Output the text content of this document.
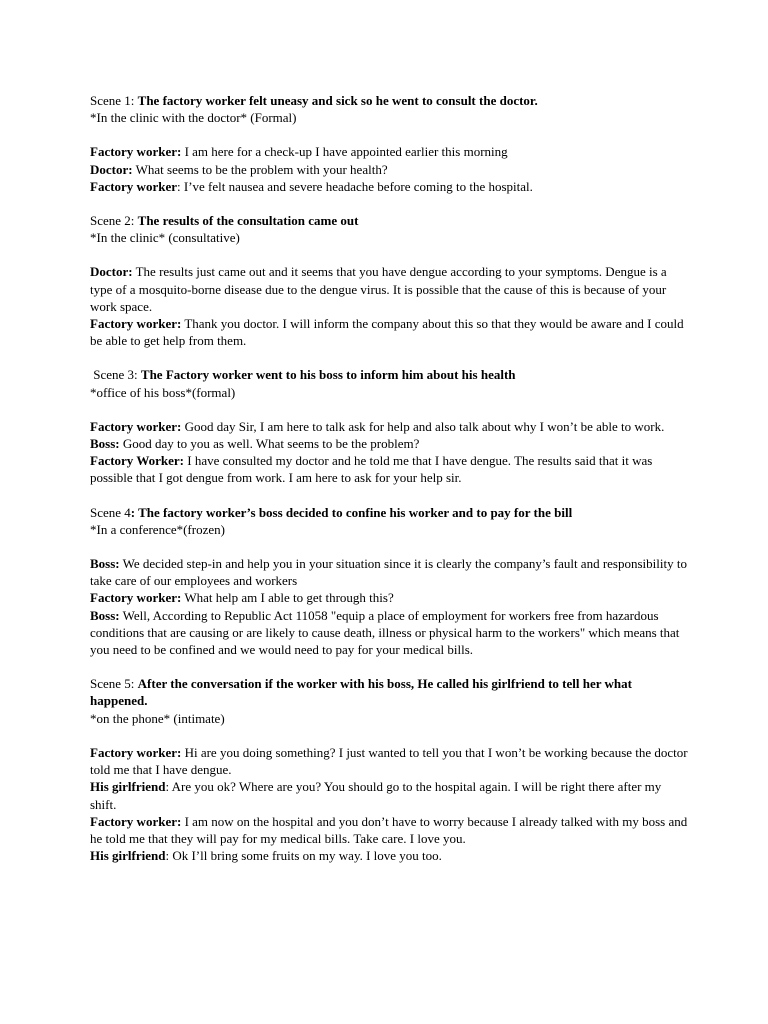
Scene 1: The factory worker felt uneasy and sick so he went to consult the doctor.

*In the clinic with the doctor* (Formal)

Factory worker: I am here for a check-up I have appointed earlier this morning

Doctor: What seems to be the problem with your health?

Factory worker: I’ve felt nausea and severe headache before coming to the hospital.

Scene 2: The results of the consultation came out

*In the clinic* (consultative)

Doctor: The results just came out and it seems that you have dengue according to your symptoms. Dengue is a type of a mosquito-borne disease due to the dengue virus. It is possible that the cause of this is because of your work space.

Factory worker: Thank you doctor. I will inform the company about this so that they would be aware and I could be able to get help from them.

Scene 3: The Factory worker went to his boss to inform him about his health

*office of his boss*(formal)

Factory worker: Good day Sir, I am here to talk ask for help and also talk about why I won’t be able to work.

Boss: Good day to you as well. What seems to be the problem?

Factory Worker: I have consulted my doctor and he told me that I have dengue. The results said that it was possible that I got dengue from work. I am here to ask for your help sir.

Scene 4: The factory worker’s boss decided to confine his worker and to pay for the bill

*In a conference*(frozen)

Boss: We decided step-in and help you in your situation since it is clearly the company’s fault and responsibility to take care of our employees and workers

Factory worker: What help am I able to get through this?

Boss: Well, According to Republic Act 11058 "equip a place of employment for workers free from hazardous conditions that are causing or are likely to cause death, illness or physical harm to the workers" which means that you need to be confined and we would need to pay for your medical bills.

Scene 5: After the conversation if the worker with his boss, He called his girlfriend to tell her what happened.

*on the phone* (intimate)

Factory worker: Hi are you doing something? I just wanted to tell you that I won’t be working because the doctor told me that I have dengue.

His girlfriend: Are you ok? Where are you? You should go to the hospital again. I will be right there after my shift.

Factory worker: I am now on the hospital and you don’t have to worry because I already talked with my boss and he told me that they will pay for my medical bills. Take care. I love you.

His girlfriend: Ok I’ll bring some fruits on my way. I love you too.
